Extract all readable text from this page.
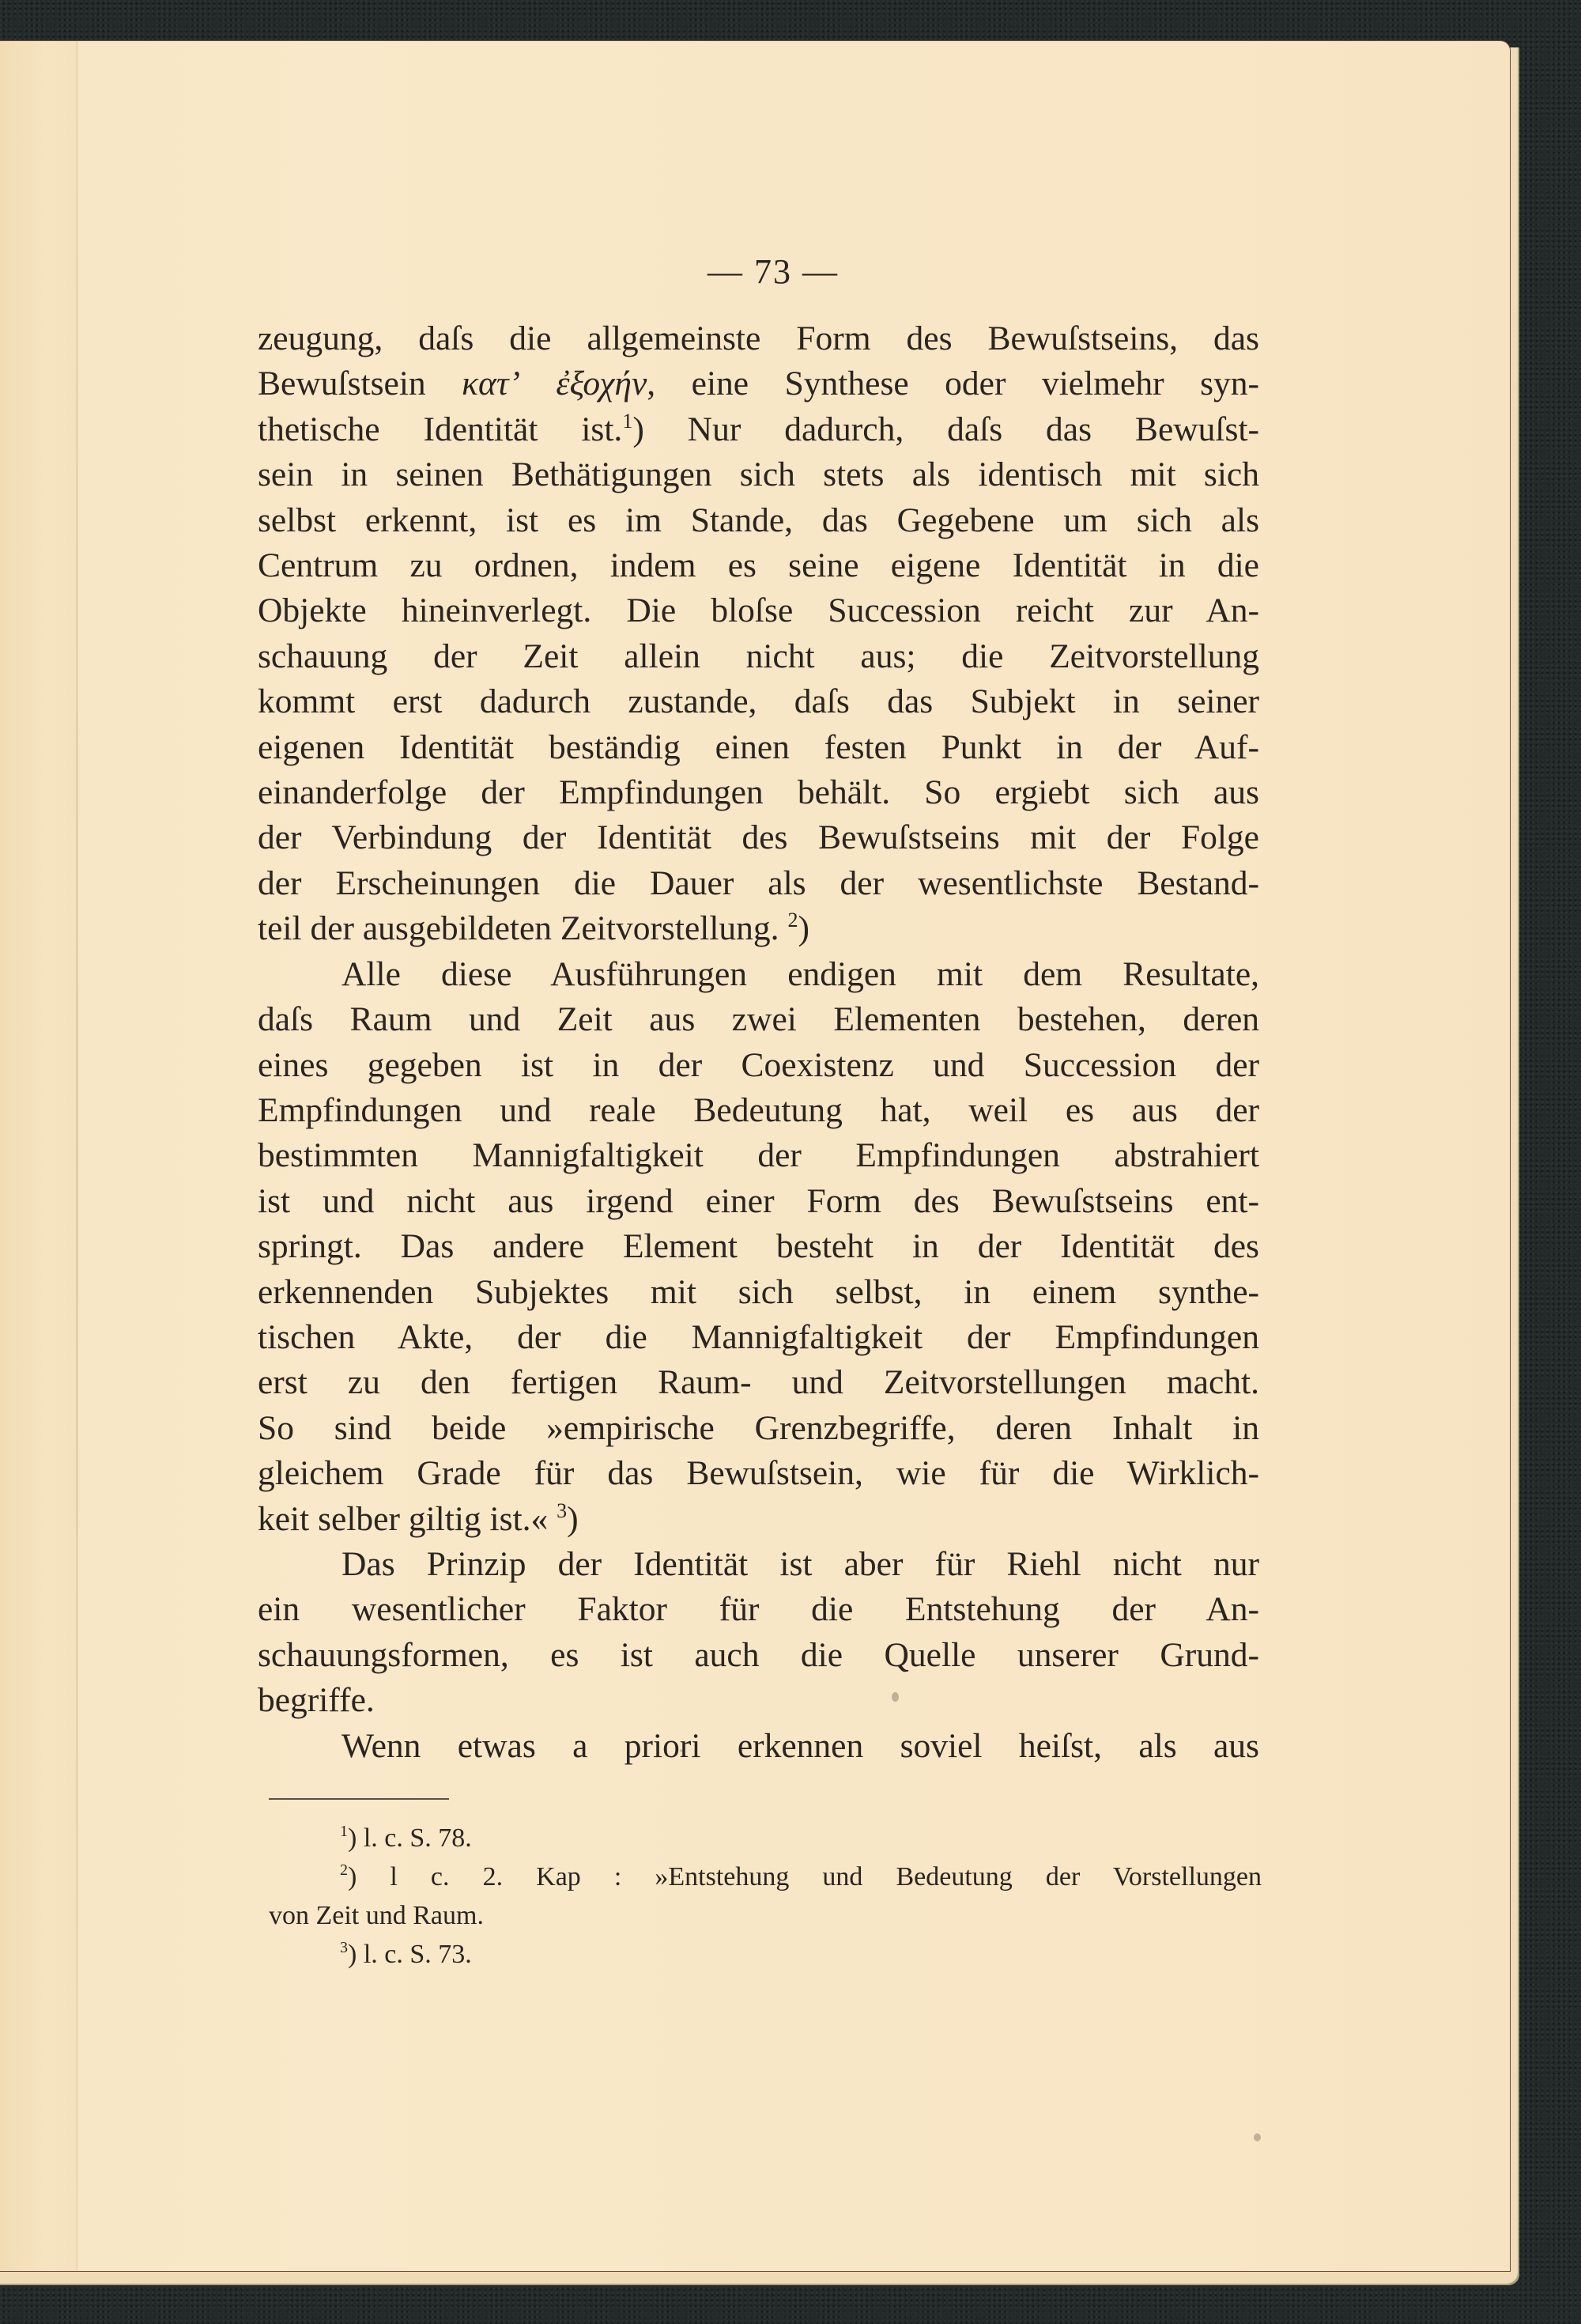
— 73 —
zeugung, daſs die allgemeinste Form des Bewuſstseins, das
Bewuſstsein κατʼ ἐξοχήν, eine Synthese oder vielmehr syn-
thetische Identität ist.$^1$) Nur dadurch, daſs das Bewuſst-
sein in seinen Bethätigungen sich stets als identisch mit sich
selbst erkennt, ist es im Stande, das Gegebene um sich als
Centrum zu ordnen, indem es seine eigene Identität in die
Objekte hineinverlegt. Die bloſse Succession reicht zur An-
schauung der Zeit allein nicht aus; die Zeitvorstellung
kommt erst dadurch zustande, daſs das Subjekt in seiner
eigenen Identität beständig einen festen Punkt in der Auf-
einanderfolge der Empfindungen behält. So ergiebt sich aus
der Verbindung der Identität des Bewuſstseins mit der Folge
der Erscheinungen die Dauer als der wesentlichste Bestand-
teil der ausgebildeten Zeitvorstellung. $^2$)
Alle diese Ausführungen endigen mit dem Resultate,
daſs Raum und Zeit aus zwei Elementen bestehen, deren
eines gegeben ist in der Coexistenz und Succession der
Empfindungen und reale Bedeutung hat, weil es aus der
bestimmten Mannigfaltigkeit der Empfindungen abstrahiert
ist und nicht aus irgend einer Form des Bewuſstseins ent-
springt. Das andere Element besteht in der Identität des
erkennenden Subjektes mit sich selbst, in einem synthe-
tischen Akte, der die Mannigfaltigkeit der Empfindungen
erst zu den fertigen Raum- und Zeitvorstellungen macht.
So sind beide »empirische Grenzbegriffe, deren Inhalt in
gleichem Grade für das Bewuſstsein, wie für die Wirklich-
keit selber giltig ist.« $^3$)
Das Prinzip der Identität ist aber für Riehl nicht nur
ein wesentlicher Faktor für die Entstehung der An-
schauungsformen, es ist auch die Quelle unserer Grund-
begriffe.
Wenn etwas a priori erkennen soviel heiſst, als aus
$^1$) l. c. S. 78.
$^2$) l c. 2. Kap : »Entstehung und Bedeutung der Vorstellungen
von Zeit und Raum.
$^3$) l. c. S. 73.
